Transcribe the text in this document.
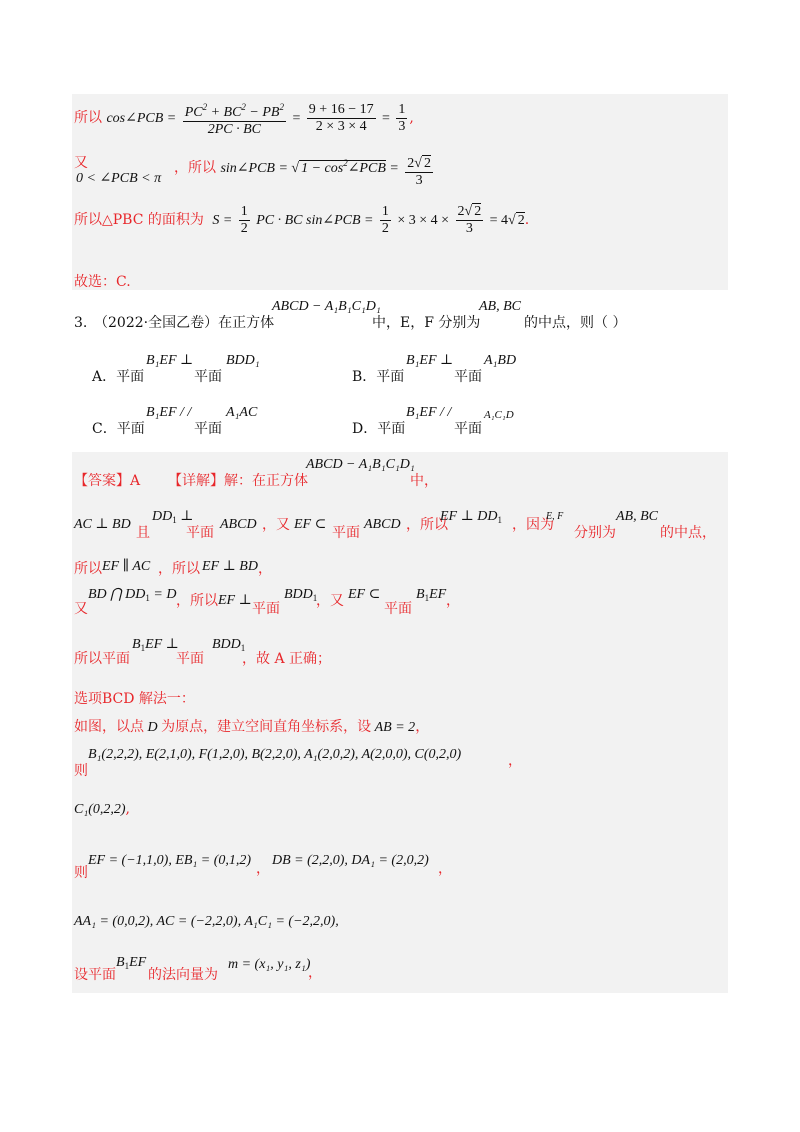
所以 cos∠PCB = $\frac{PC^2 + BC^2 - PB^2}{2PC \cdot BC} = \frac{9 + 16 - 17}{2 \times 3 \times 4} = \frac{1}{3}$ ,
又
0 < ∠PCB < π
，所以 sin∠PCB = √ $1 - \cos^2\angle PCB = \frac{2√ 2}{3}$
所以△PBC 的面积为 $S = \frac{1}{2}$ PC · BC sin∠PCB = $\frac{1}{2} \times 3 \times 4 \times \frac{2√ 2}{3} = 4√$ 2.
故选：C.
3. （2022·全国乙卷）在正方体
ABCD − A₁B₁C₁D₁
中，E，F 分别为
AB, BC
的中点，则（ ）
A．平面
B₁EF ⊥
平面
BDD₁
B．平面
B₁EF ⊥
平面
A₁BD
C．平面
B₁EF / /
平面
A₁AC
D．平面
B₁EF / /
平面
A₁C₁D
【答案】A 【详解】解：在正方体
ABCD − A₁B₁C₁D₁
中，
AC ⊥ BD
且
$DD_1$ ⊥
平面
ABCD ，又 EF ⊂
平面
ABCD ，所以
EF ⊥ $DD_1$ ，因为
E, F
分别为
AB, BC
的中点，
所以 EF ∥ AC ，所以 EF ⊥ BD ，
又
BD ⋂ $DD_1 = D$ ，所以 EF ⊥
平面
$BDD_1$
，又 EF ⊂
平面
$B_1EF$ ，
所以平面
$B_1EF$ ⊥
平面
$BDD_1$
，故 A 正确；
选项BCD 解法一：
如图，以点 D 为原点，建立空间直角坐标系，设 AB = 2，
B₁(2,2,2), E(2,1,0), F(1,2,0), B(2,2,0), A₁(2,0,2), A(2,0,0), C(0,2,0)
则
，
C₁(0,2,2),
则
EF = (−1,1,0), EB₁ = (0,1,2)
，
DB = (2,2,0), DA₁ = (2,0,2)
，
AA₁ = (0,0,2), AC = (−2,2,0), A₁C₁ = (−2,2,0),
设平面
$B_1EF$
的法向量为
m = (x₁, y₁, z₁)
，
